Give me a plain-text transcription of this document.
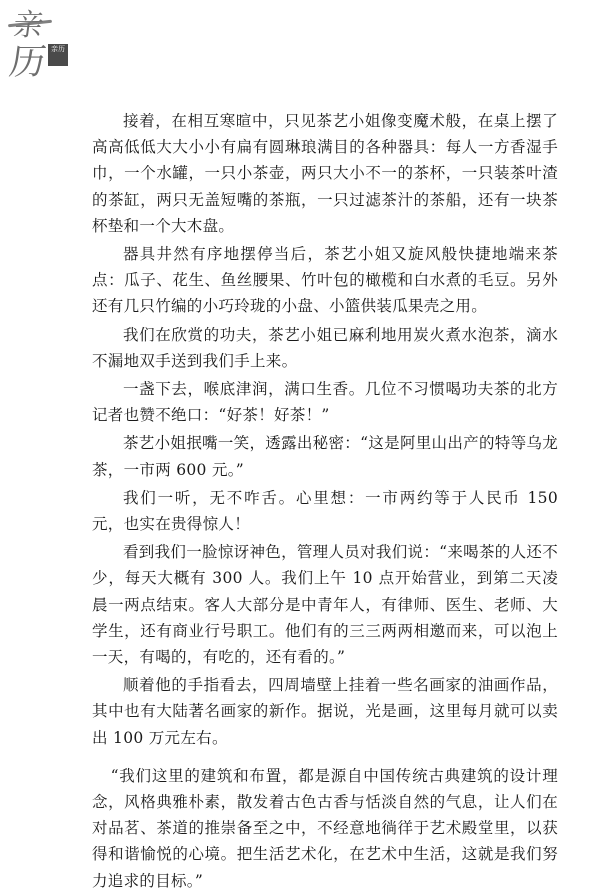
亲
历 亲历

接着，在相互寒暄中，只见茶艺小姐像变魔术般，在桌上摆了高高低低大大小小有扁有圆琳琅满目的各种器具：每人一方香湿手巾，一个水罐，一只小茶壶，两只大小不一的茶杯，一只装茶叶渣的茶缸，两只无盖短嘴的茶瓶，一只过滤茶汁的茶船，还有一块茶杯垫和一个大木盘。

器具井然有序地摆停当后，茶艺小姐又旋风般快捷地端来茶点：瓜子、花生、鱼丝腰果、竹叶包的橄榄和白水煮的毛豆。另外还有几只竹编的小巧玲珑的小盘、小篮供装瓜果壳之用。

我们在欣赏的功夫，茶艺小姐已麻利地用炭火煮水泡茶，滴水不漏地双手送到我们手上来。

一盏下去，喉底津润，满口生香。几位不习惯喝功夫茶的北方记者也赞不绝口：“好茶！好茶！”

茶艺小姐抿嘴一笑，透露出秘密：“这是阿里山出产的特等乌龙茶，一市两 600 元。”

我们一听，无不咋舌。心里想：一市两约等于人民币 150 元，也实在贵得惊人！

看到我们一脸惊讶神色，管理人员对我们说：“来喝茶的人还不少，每天大概有 300 人。我们上午 10 点开始营业，到第二天凌晨一两点结束。客人大部分是中青年人，有律师、医生、老师、大学生，还有商业行号职工。他们有的三三两两相邀而来，可以泡上一天，有喝的，有吃的，还有看的。”

顺着他的手指看去，四周墙壁上挂着一些名画家的油画作品，其中也有大陆著名画家的新作。据说，光是画，这里每月就可以卖出 100 万元左右。

“我们这里的建筑和布置，都是源自中国传统古典建筑的设计理念，风格典雅朴素，散发着古色古香与恬淡自然的气息，让人们在对品茗、茶道的推崇备至之中，不经意地徜徉于艺术殿堂里，以获得和谐愉悦的心境。把生活艺术化，在艺术中生活，这就是我们努力追求的目标。”
